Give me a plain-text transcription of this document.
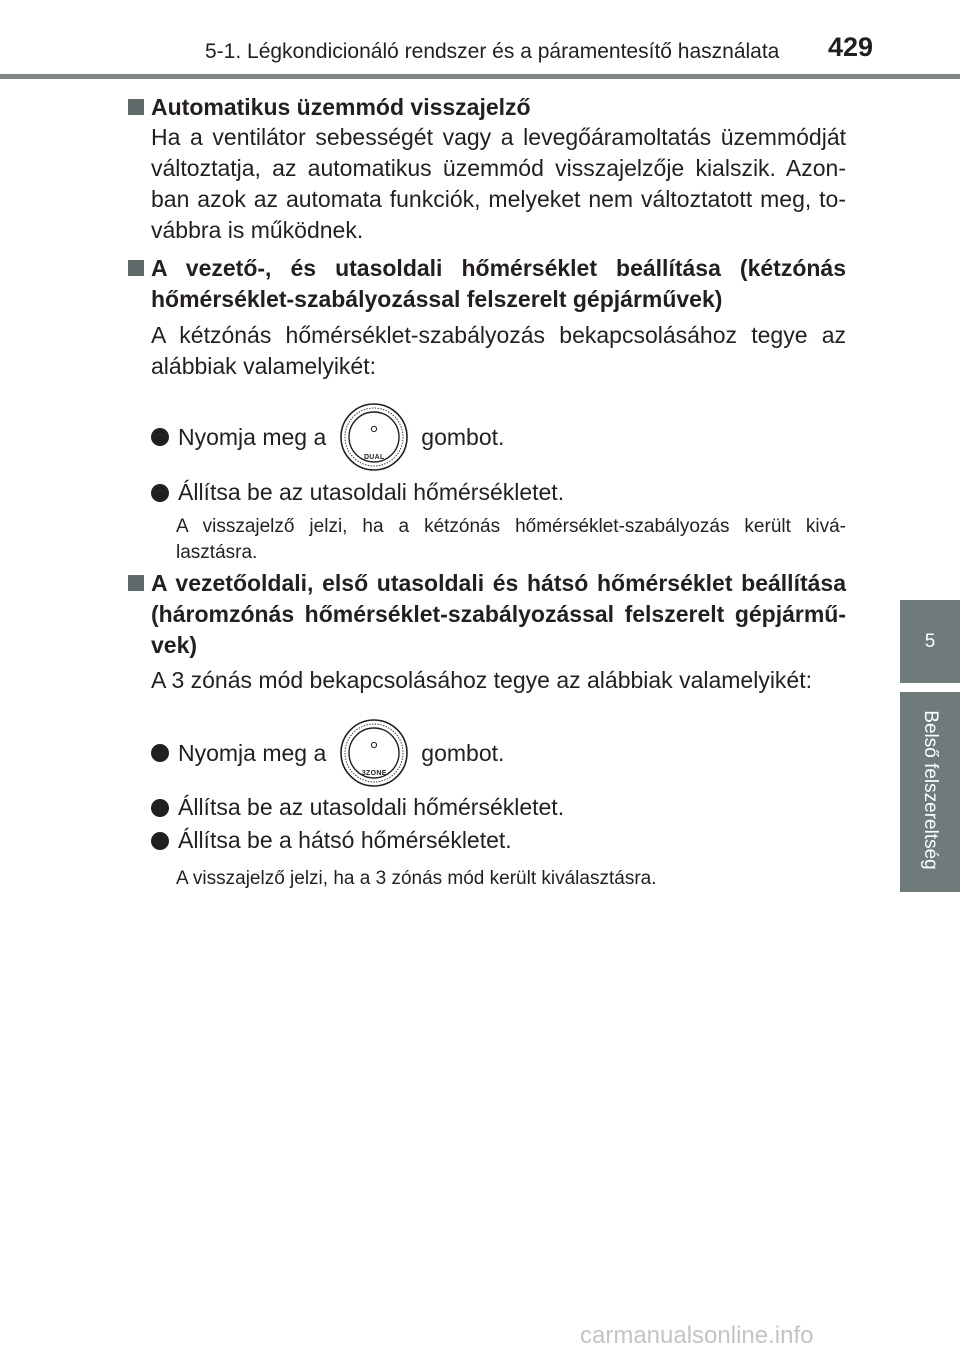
5-1. Légkondicionáló rendszer és a páramentesítő használata 429
5
Belső felszereltség
Automatikus üzemmód visszajelző
Ha a ventilátor sebességét vagy a levegőáramoltatás üzemmódját változtatja, az automatikus üzemmód visszajelzője kialszik. Azon-ban azok az automata funkciók, melyeket nem változtatott meg, to-vábbra is működnek.
A vezető-, és utasoldali hőmérséklet beállítása (kétzónás
hőmérséklet-szabályozással felszerelt gépjárművek)
A kétzónás hőmérséklet-szabályozás bekapcsolásához tegye az alábbiak valamelyikét:
Nyomja meg a
DUAL
gombot.
Állítsa be az utasoldali hőmérsékletet.
A visszajelző jelzi, ha a kétzónás hőmérséklet-szabályozás került kivá-lasztásra.
A vezetőoldali, első utasoldali és hátsó hőmérséklet beállítása
(háromzónás hőmérséklet-szabályozással felszerelt gépjármű-
vek)
A 3 zónás mód bekapcsolásához tegye az alábbiak valamelyikét:
Nyomja meg a
3ZONE
gombot.
Állítsa be az utasoldali hőmérsékletet.
Állítsa be a hátsó hőmérsékletet.
A visszajelző jelzi, ha a 3 zónás mód került kiválasztásra.
carmanualsonline.info
